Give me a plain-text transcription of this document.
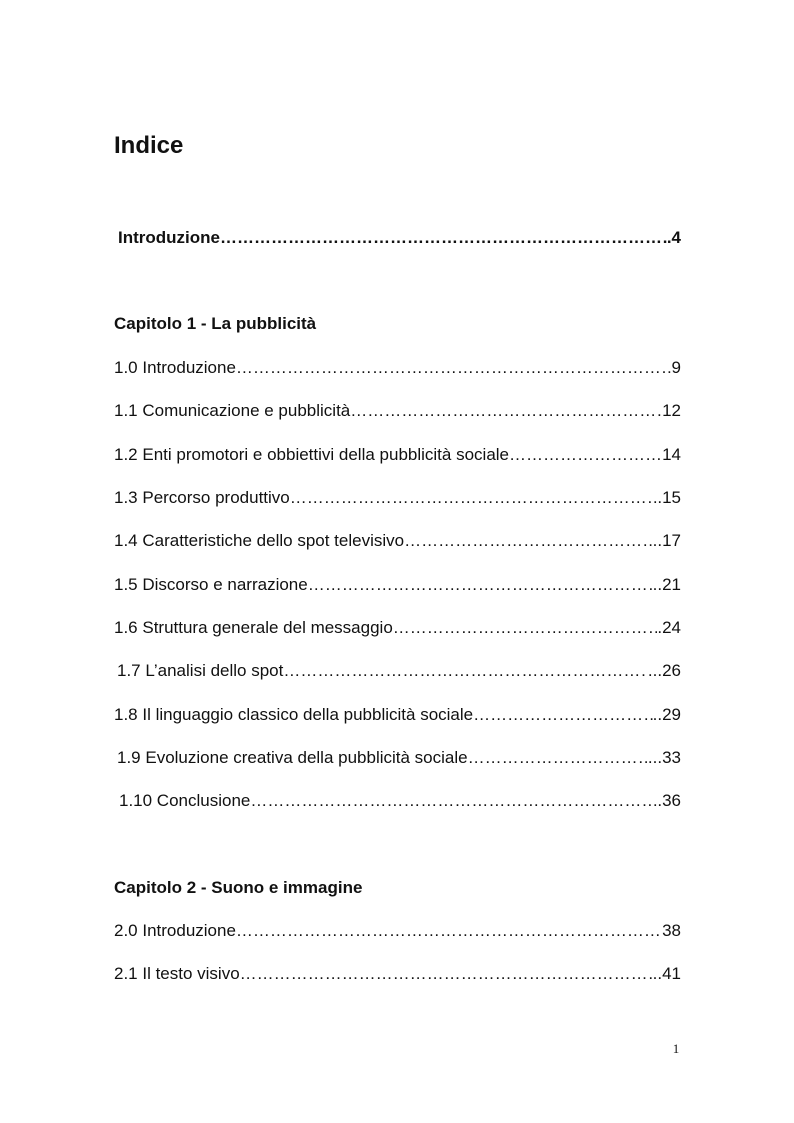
Indice
Introduzione ……………………………………………………………………………………………………………………………………………………………………………………	.4
Capitolo 1 - La pubblicità
1.0 Introduzione ……………………………………………………………………………………………………………………………………………………………………………………	9
1.1 Comunicazione e pubblicità ……………………………………………………………………………………………………………………………………………………………………………………	12
1.2 Enti promotori e obbiettivi della pubblicità sociale ……………………………………………………………………………………………………………………………………………………………………………………	14
1.3 Percorso produttivo ……………………………………………………………………………………………………………………………………………………………………………………	.15
1.4 Caratteristiche dello spot televisivo ……………………………………………………………………………………………………………………………………………………………………………………	..17
1.5 Discorso e narrazione ……………………………………………………………………………………………………………………………………………………………………………………	..21
1.6 Struttura generale del messaggio ……………………………………………………………………………………………………………………………………………………………………………………	.24
1.7 L’analisi dello spot ……………………………………………………………………………………………………………………………………………………………………………………	...26
1.8 Il linguaggio classico della pubblicità sociale ……………………………………………………………………………………………………………………………………………………………………………………	..29
1.9 Evoluzione creativa della pubblicità sociale ……………………………………………………………………………………………………………………………………………………………………………………	...33
1.10 Conclusione ……………………………………………………………………………………………………………………………………………………………………………………	.36
Capitolo 2 - Suono e immagine
2.0 Introduzione ……………………………………………………………………………………………………………………………………………………………………………………	38
2.1 Il testo visivo ……………………………………………………………………………………………………………………………………………………………………………………	..41
1
